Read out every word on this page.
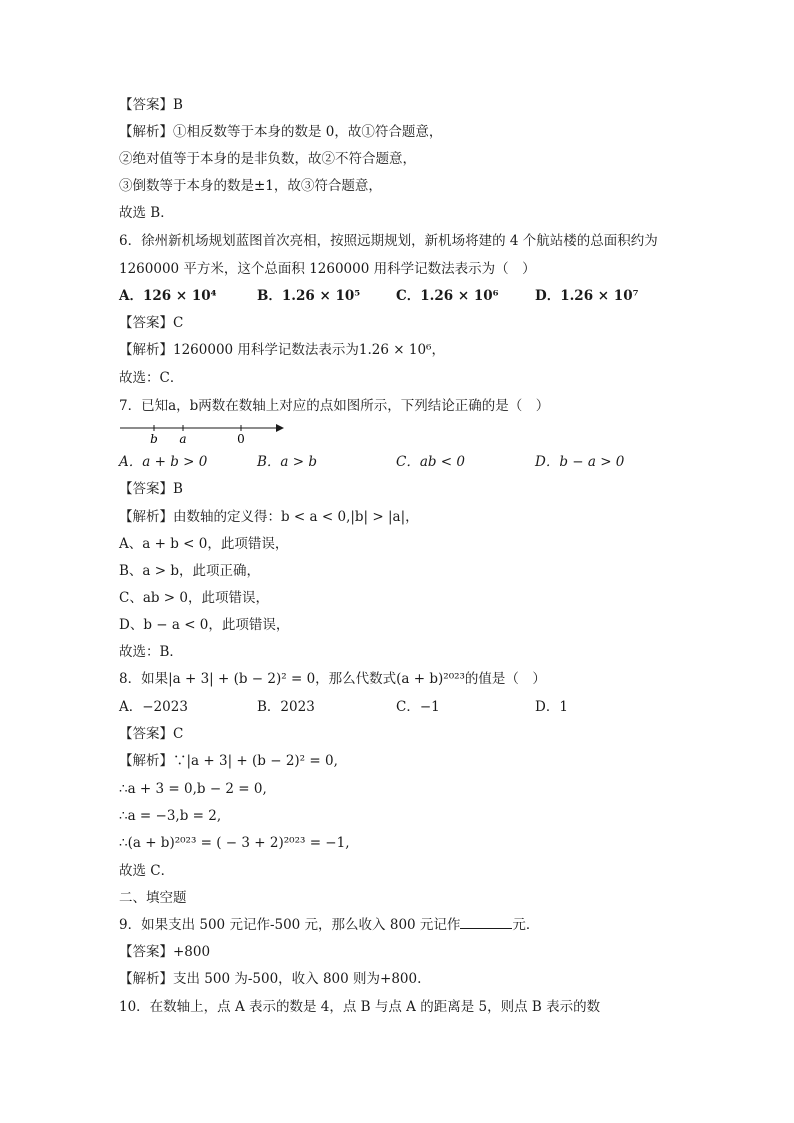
【答案】B
【解析】①相反数等于本身的数是 0，故①符合题意，
②绝对值等于本身的是非负数，故②不符合题意，
③倒数等于本身的数是±1，故③符合题意，
故选 B．
6．徐州新机场规划蓝图首次亮相，按照远期规划，新机场将建的 4 个航站楼的总面积约为
1260000 平方米，这个总面积 1260000 用科学记数法表示为（　）
A．126 × 10⁴	B．1.26 × 10⁵	C．1.26 × 10⁶	D．1.26 × 10⁷
【答案】C
【解析】1260000 用科学记数法表示为1.26 × 10⁶，
故选：C．
7．已知a，b两数在数轴上对应的点如图所示，下列结论正确的是（　）
b a	0
A．a + b > 0	B．a > b	C．ab < 0	D．b − a > 0
【答案】B
【解析】由数轴的定义得：b < a < 0,|b| > |a|，
A、a + b < 0，此项错误，
B、a > b，此项正确，
C、ab > 0，此项错误，
D、b − a < 0，此项错误，
故选：B．
8．如果|a + 3| + (b − 2)² = 0，那么代数式(a + b)²⁰²³的值是（　）
A．−2023	B．2023	C．−1	D．1
【答案】C
【解析】∵|a + 3| + (b − 2)² = 0,
∴a + 3 = 0,b − 2 = 0,
∴a = −3,b = 2,
∴(a + b)²⁰²³ = ( − 3 + 2)²⁰²³ = −1,
故选 C．
二、填空题
9．如果支出 500 元记作-500 元，那么收入 800 元记作	元．
【答案】+800
【解析】支出 500 为-500，收入 800 则为+800.
10．在数轴上，点 A 表示的数是 4，点 B 与点 A 的距离是 5，则点 B 表示的数
